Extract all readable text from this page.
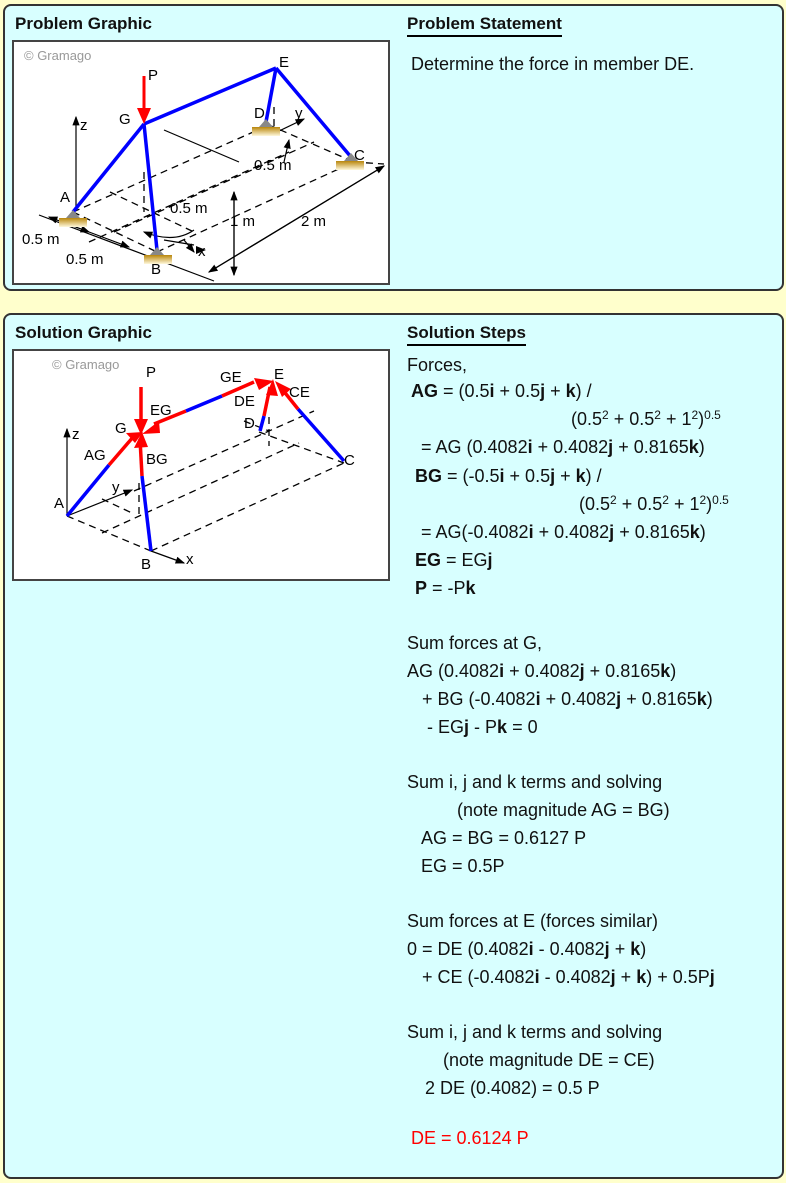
Problem Graphic
© Gramago
P
G
E
D
C
A
B
x
y
z
0.5 m
0.5 m
0.5 m
0.5 m
1 m	2 m
Problem Statement
Determine the force in member DE.
Solution Graphic
© Gramago P
G
E
D
C
A
B x
y
z
GE
EG
DE
CE
AG	BG
Solution Steps
Forces,
AG = (0.5i + 0.5j + k) /
$(0.5^2 + 0.5^2 + 1^2)^{0.5}$
= AG (0.4082i + 0.4082j + 0.8165k)
BG = (-0.5i + 0.5j + k) /
$(0.5^2 + 0.5^2 + 1^2)^{0.5}$
= AG(-0.4082i + 0.4082j + 0.8165k)
EG = EGj
P = -Pk
Sum forces at G,
AG (0.4082i + 0.4082j + 0.8165k)
+ BG (-0.4082i + 0.4082j + 0.8165k)
- EGj - Pk = 0
Sum i, j and k terms and solving
(note magnitude AG = BG)
AG = BG = 0.6127 P
EG = 0.5P
Sum forces at E (forces similar)
0 = DE (0.4082i - 0.4082j + k)
+ CE (-0.4082i - 0.4082j + k) + 0.5Pj
Sum i, j and k terms and solving
(note magnitude DE = CE)
2 DE (0.4082) = 0.5 P
DE = 0.6124 P
